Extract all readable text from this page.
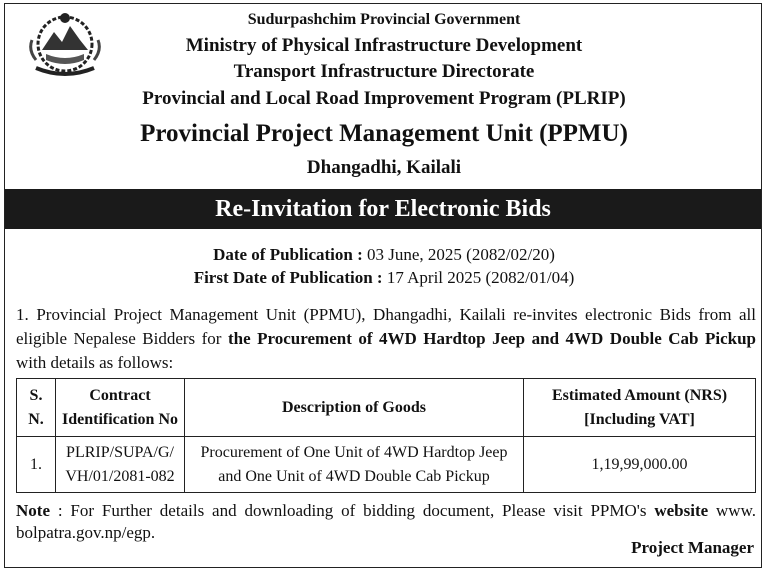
Sudurpashchim Provincial Government
Ministry of Physical Infrastructure Development
Transport Infrastructure Directorate
Provincial and Local Road Improvement Program (PLRIP)
Provincial Project Management Unit (PPMU)
Dhangadhi, Kailali
Re-Invitation for Electronic Bids
Date of Publication : 03 June, 2025 (2082/02/20)
First Date of Publication : 17 April 2025 (2082/01/04)
1. Provincial Project Management Unit (PPMU), Dhangadhi, Kailali re-invites electronic Bids from all eligible Nepalese Bidders for the Procurement of 4WD Hardtop Jeep and 4WD Double Cab Pickup with details as follows:
S. N.	Contract Identification No	Description of Goods	Estimated Amount (NRS)
[Including VAT]
1.	PLRIP/SUPA/G/ VH/01/2081-082	Procurement of One Unit of 4WD Hardtop Jeep and One Unit of 4WD Double Cab Pickup	1,19,99,000.00
Note : For Further details and downloading of bidding document, Please visit PPMO's website www. bolpatra.gov.np/egp.
Project Manager
